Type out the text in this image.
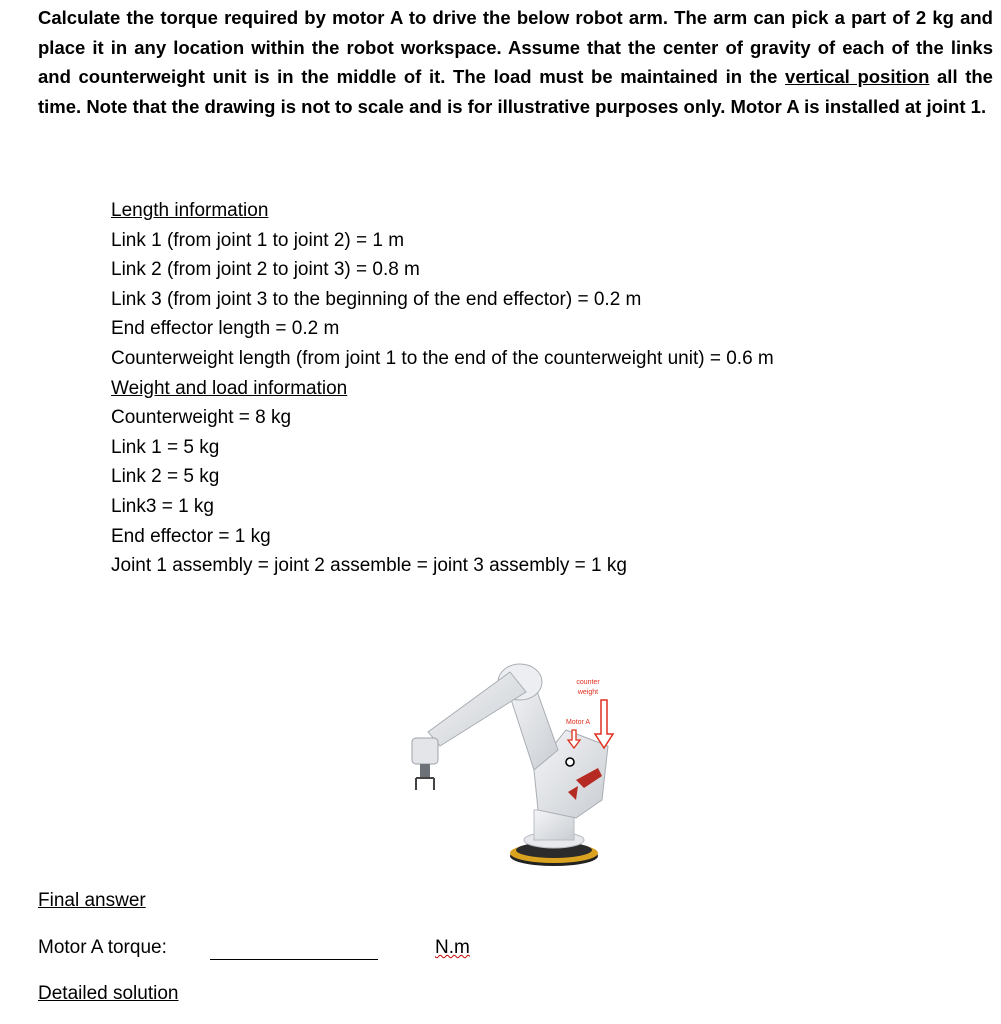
Calculate the torque required by motor A to drive the below robot arm. The arm can pick a part of 2 kg and place it in any location within the robot workspace. Assume that the center of gravity of each of the links and counterweight unit is in the middle of it. The load must be maintained in the vertical position all the time. Note that the drawing is not to scale and is for illustrative purposes only. Motor A is installed at joint 1.
Length information
Link 1 (from joint 1 to joint 2) = 1 m
Link 2 (from joint 2 to joint 3) = 0.8 m
Link 3 (from joint 3 to the beginning of the end effector) = 0.2 m
End effector length = 0.2 m
Counterweight length (from joint 1 to the end of the counterweight unit) = 0.6 m
Weight and load information
Counterweight = 8 kg
Link 1 = 5 kg
Link 2 = 5 kg
Link3 = 1 kg
End effector = 1 kg
Joint 1 assembly = joint 2 assemble = joint 3 assembly = 1 kg
counter
weight
Motor A
Final answer
Motor A torque:	N.m
Detailed solution
